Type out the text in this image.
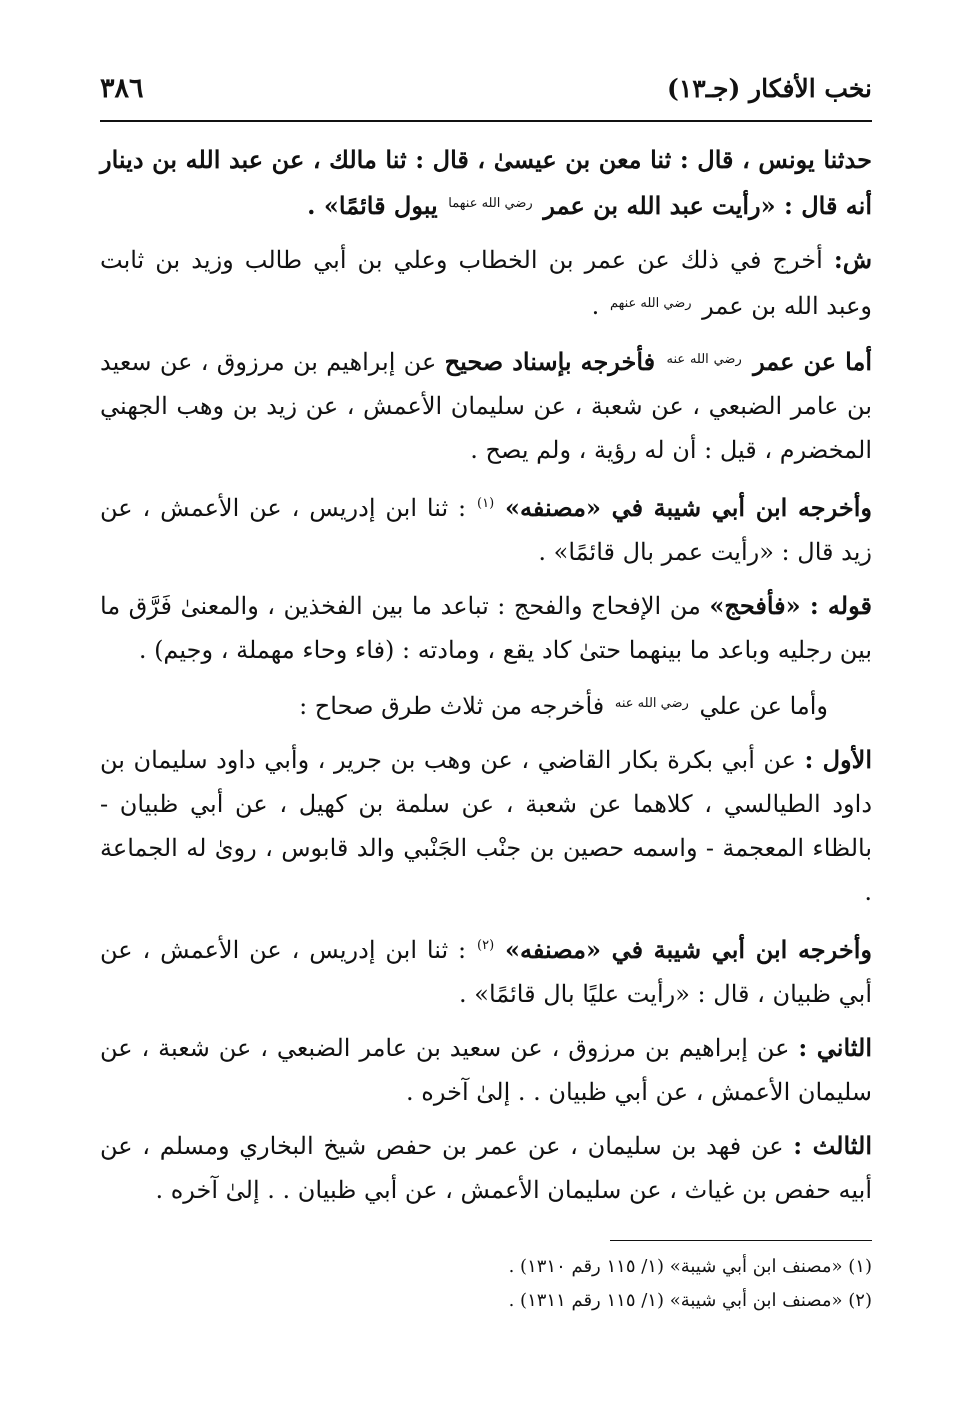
نخب الأفكار (جـ١٣)
٣٨٦

حدثنا يونس ، قال : ثنا معن بن عيسىٰ ، قال : ثنا مالك ، عن عبد الله بن دينار أنه قال : «رأيت عبد الله بن عمر $^{رضي الله عنهما}$ يبول قائمًا» .

ش: أخرج في ذلك عن عمر بن الخطاب وعلي بن أبي طالب وزيد بن ثابت وعبد الله بن عمر $^{رضي الله عنهم}$ .

أما عن عمر $^{رضي الله عنه}$ فأخرجه بإسناد صحيح عن إبراهيم بن مرزوق ، عن سعيد بن عامر الضبعي ، عن شعبة ، عن سليمان الأعمش ، عن زيد بن وهب الجهني المخضرم ، قيل : أن له رؤية ، ولم يصح .

وأخرجه ابن أبي شيبة في «مصنفه» $^{(١)}$ : ثنا ابن إدريس ، عن الأعمش ، عن زيد قال : «رأيت عمر بال قائمًا» .

قوله : «فأفحج» من الإفحاج والفحج : تباعد ما بين الفخذين ، والمعنىٰ فَرَّق ما بين رجليه وباعد ما بينهما حتىٰ كاد يقع ، ومادته : (فاء وحاء مهملة ، وجيم) .

وأما عن علي $^{رضي الله عنه}$ فأخرجه من ثلاث طرق صحاح :

الأول : عن أبي بكرة بكار القاضي ، عن وهب بن جرير ، وأبي داود سليمان بن داود الطيالسي ، كلاهما عن شعبة ، عن سلمة بن كهيل ، عن أبي ظبيان - بالظاء المعجمة - واسمه حصين بن جنْب الجَنْبي والد قابوس ، روىٰ له الجماعة .

وأخرجه ابن أبي شيبة في «مصنفه» $^{(٢)}$ : ثنا ابن إدريس ، عن الأعمش ، عن أبي ظبيان ، قال : «رأيت عليًا بال قائمًا» .

الثاني : عن إبراهيم بن مرزوق ، عن سعيد بن عامر الضبعي ، عن شعبة ، عن سليمان الأعمش ، عن أبي ظبيان . . إلىٰ آخره .

الثالث : عن فهد بن سليمان ، عن عمر بن حفص شيخ البخاري ومسلم ، عن أبيه حفص بن غياث ، عن سليمان الأعمش ، عن أبي ظبيان . . إلىٰ آخره .

(١) «مصنف ابن أبي شيبة» (١/ ١١٥ رقم ١٣١٠) .

(٢) «مصنف ابن أبي شيبة» (١/ ١١٥ رقم ١٣١١) .
